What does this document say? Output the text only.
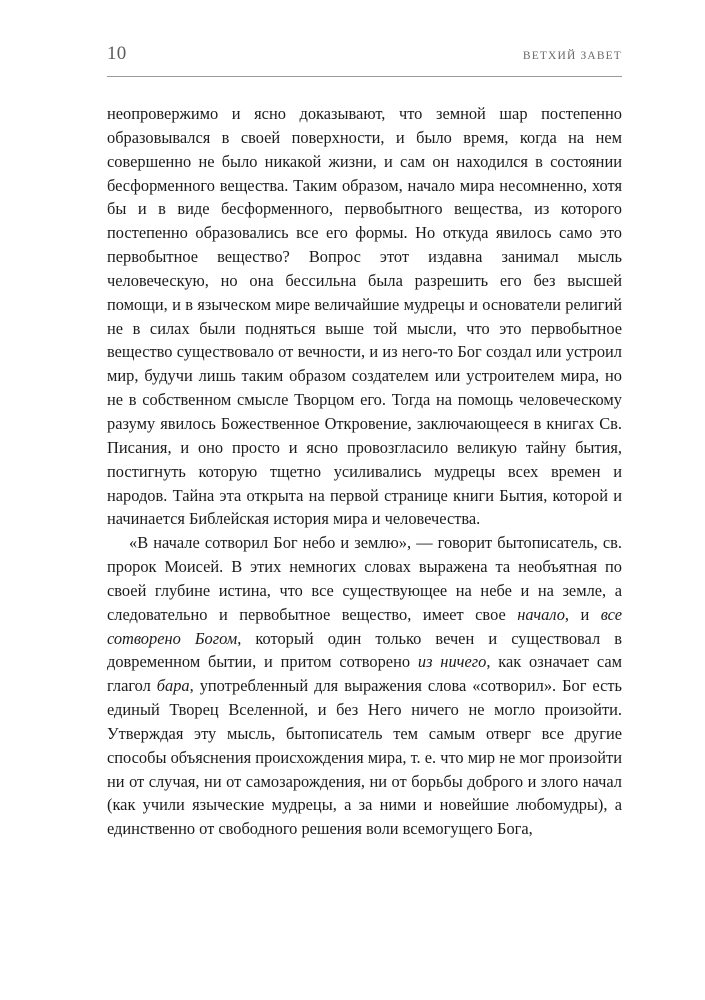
10	ВЕТХИЙ ЗАВЕТ

неопровержимо и ясно доказывают, что земной шар постепенно образовывался в своей поверхности, и было время, когда на нем совершенно не было никакой жизни, и сам он находился в состоянии бесформенного вещества. Таким образом, начало мира несомненно, хотя бы и в виде бесформенного, первобытного вещества, из которого постепенно образовались все его формы. Но откуда явилось само это первобытное вещество? Вопрос этот издавна занимал мысль человеческую, но она бессильна была разрешить его без высшей помощи, и в языческом мире величайшие мудрецы и основатели религий не в силах были подняться выше той мысли, что это первобытное вещество существовало от вечности, и из него-то Бог создал или устроил мир, будучи лишь таким образом создателем или устроителем мира, но не в собственном смысле Творцом его. Тогда на помощь человеческому разуму явилось Божественное Откровение, заключающееся в книгах Св. Писания, и оно просто и ясно провозгласило великую тайну бытия, постигнуть которую тщетно усиливались мудрецы всех времен и народов. Тайна эта открыта на первой странице книги Бытия, которой и начинается Библейская история мира и человечества.

«В начале сотворил Бог небо и землю», — говорит бытописатель, св. пророк Моисей. В этих немногих словах выражена та необъятная по своей глубине истина, что все существующее на небе и на земле, а следовательно и первобытное вещество, имеет свое начало, и все сотворено Богом, который один только вечен и существовал в довременном бытии, и притом сотворено из ничего, как означает сам глагол бара, употребленный для выражения слова «сотворил». Бог есть единый Творец Вселенной, и без Него ничего не могло произойти. Утверждая эту мысль, бытописатель тем самым отверг все другие способы объяснения происхождения мира, т. е. что мир не мог произойти ни от случая, ни от самозарождения, ни от борьбы доброго и злого начал (как учили языческие мудрецы, а за ними и новейшие любомудры), а единственно от свободного решения воли всемогущего Бога,
